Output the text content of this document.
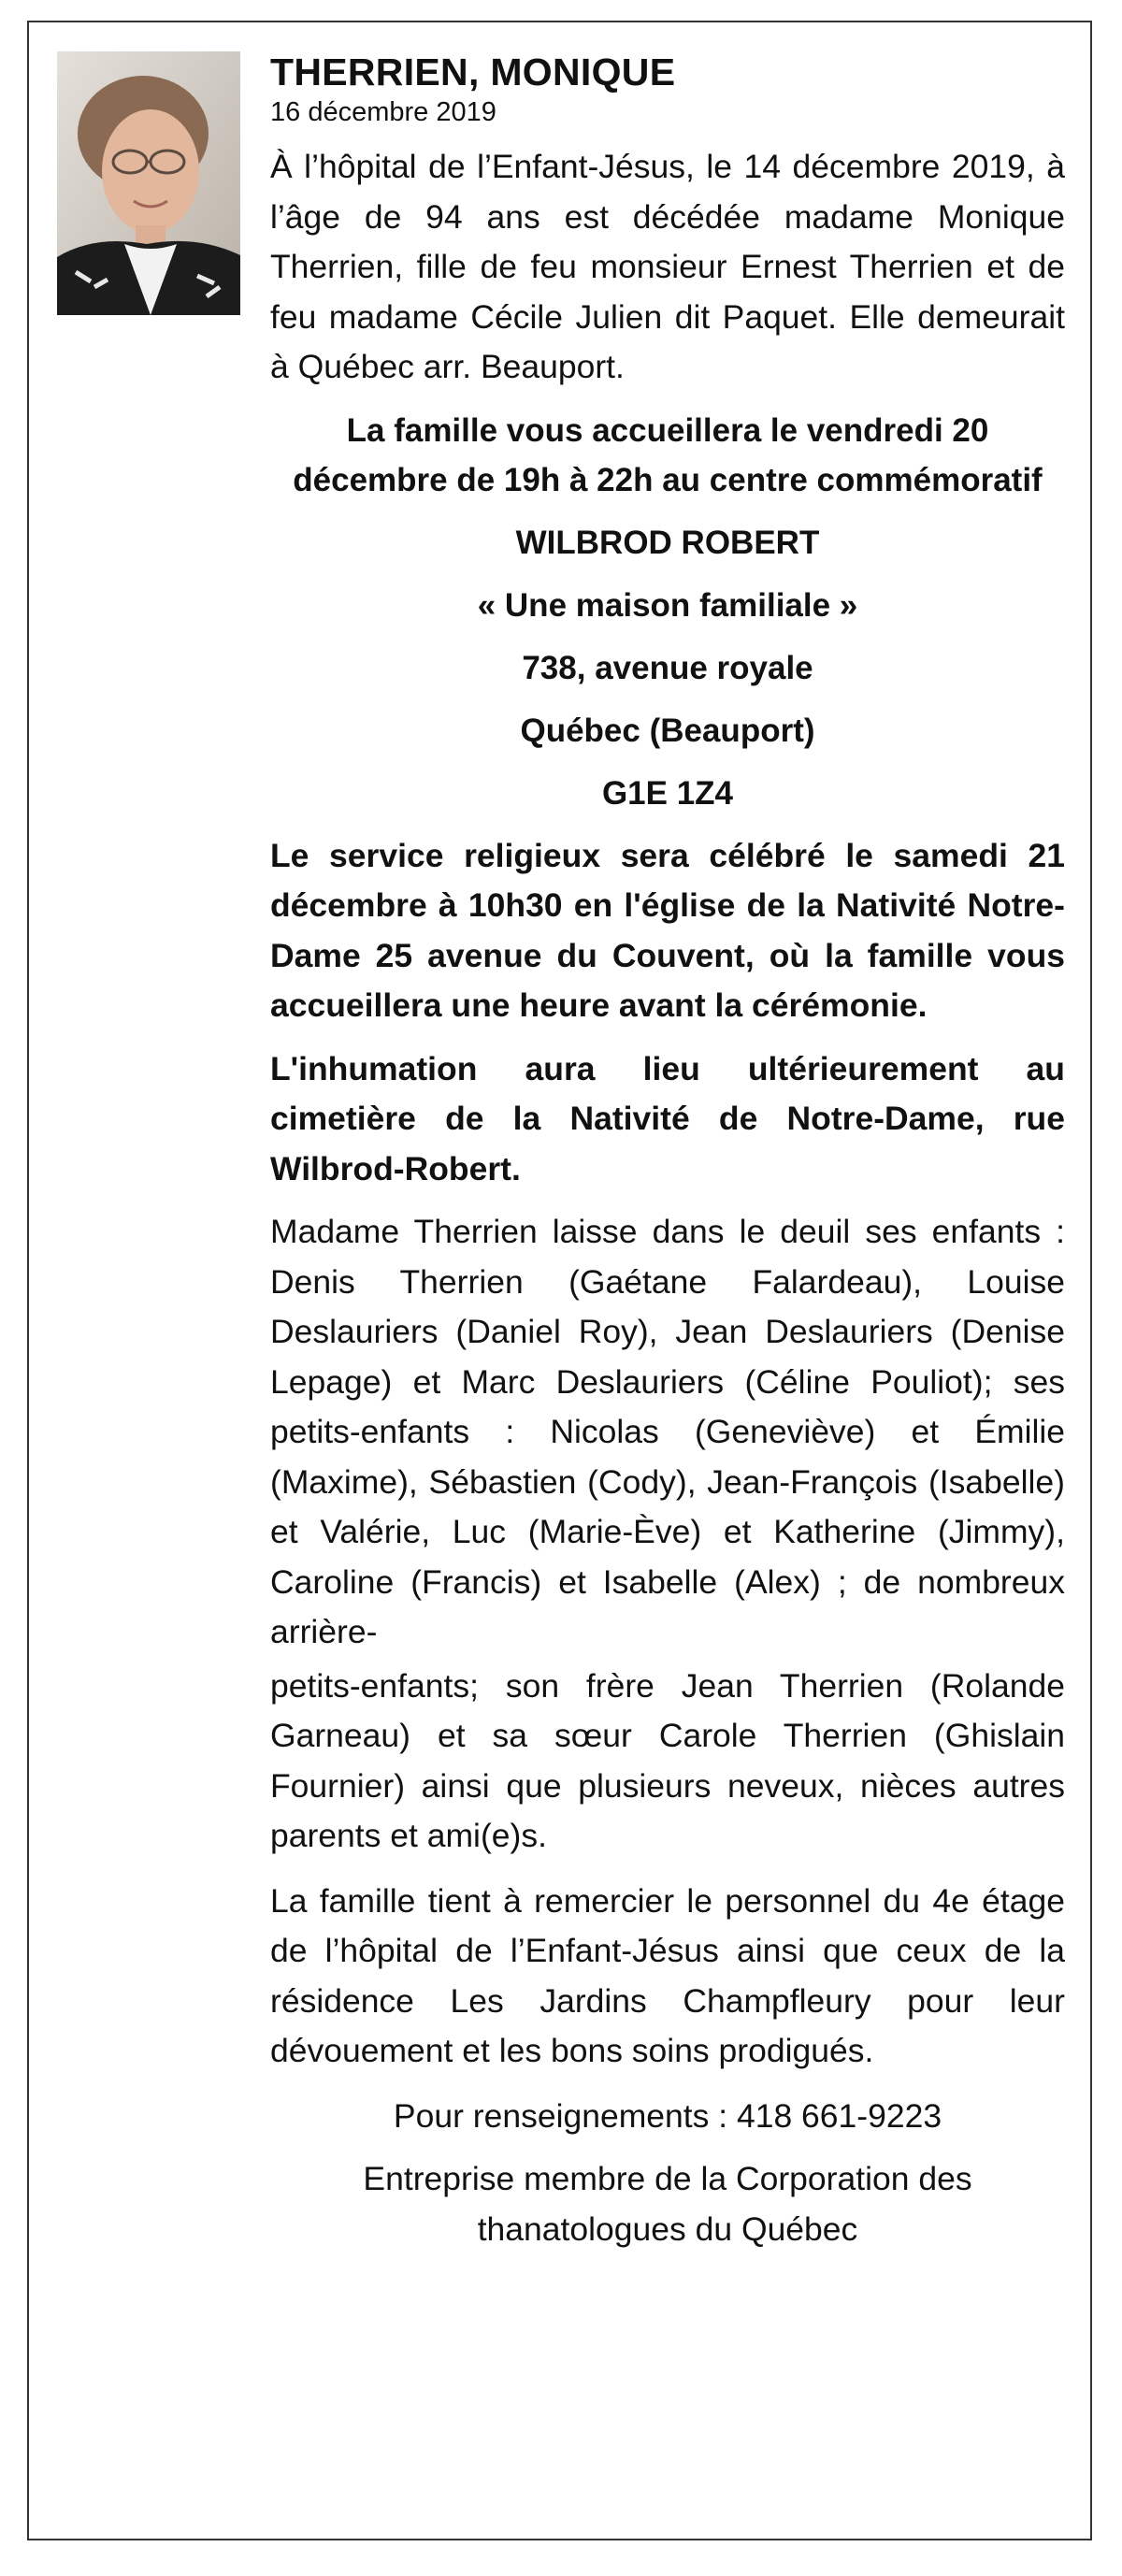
THERRIEN, MONIQUE

16 décembre 2019

À l’hôpital de l’Enfant-Jésus, le 14 décembre 2019, à l’âge de 94 ans est décédée madame Monique Therrien, fille de feu monsieur Ernest Therrien et de feu madame Cécile Julien dit Paquet. Elle demeurait à Québec arr. Beauport.

La famille vous accueillera le vendredi 20 décembre de 19h à 22h au centre commémoratif

WILBROD ROBERT

« Une maison familiale »

738, avenue royale

Québec (Beauport)

G1E 1Z4

Le service religieux sera célébré le samedi 21 décembre à 10h30 en l'église de la Nativité Notre-Dame 25 avenue du Couvent, où la famille vous accueillera une heure avant la cérémonie.

L'inhumation aura lieu ultérieurement au cimetière de la Nativité de Notre-Dame, rue Wilbrod-Robert.

Madame Therrien laisse dans le deuil ses enfants : Denis Therrien (Gaétane Falardeau), Louise Deslauriers (Daniel Roy), Jean Deslauriers (Denise Lepage) et Marc Deslauriers (Céline Pouliot); ses petits-enfants : Nicolas (Geneviève) et Émilie (Maxime), Sébastien (Cody), Jean-François (Isabelle) et Valérie, Luc (Marie-Ève) et Katherine (Jimmy), Caroline (Francis) et Isabelle (Alex) ; de nombreux arrière-

petits-enfants; son frère Jean Therrien (Rolande Garneau) et sa sœur Carole Therrien (Ghislain Fournier) ainsi que plusieurs neveux, nièces autres parents et ami(e)s.

La famille tient à remercier le personnel du 4e étage de l’hôpital de l’Enfant-Jésus ainsi que ceux de la résidence Les Jardins Champfleury pour leur dévouement et les bons soins prodigués.

Pour renseignements : 418 661-9223

Entreprise membre de la Corporation des

thanatologues du Québec
